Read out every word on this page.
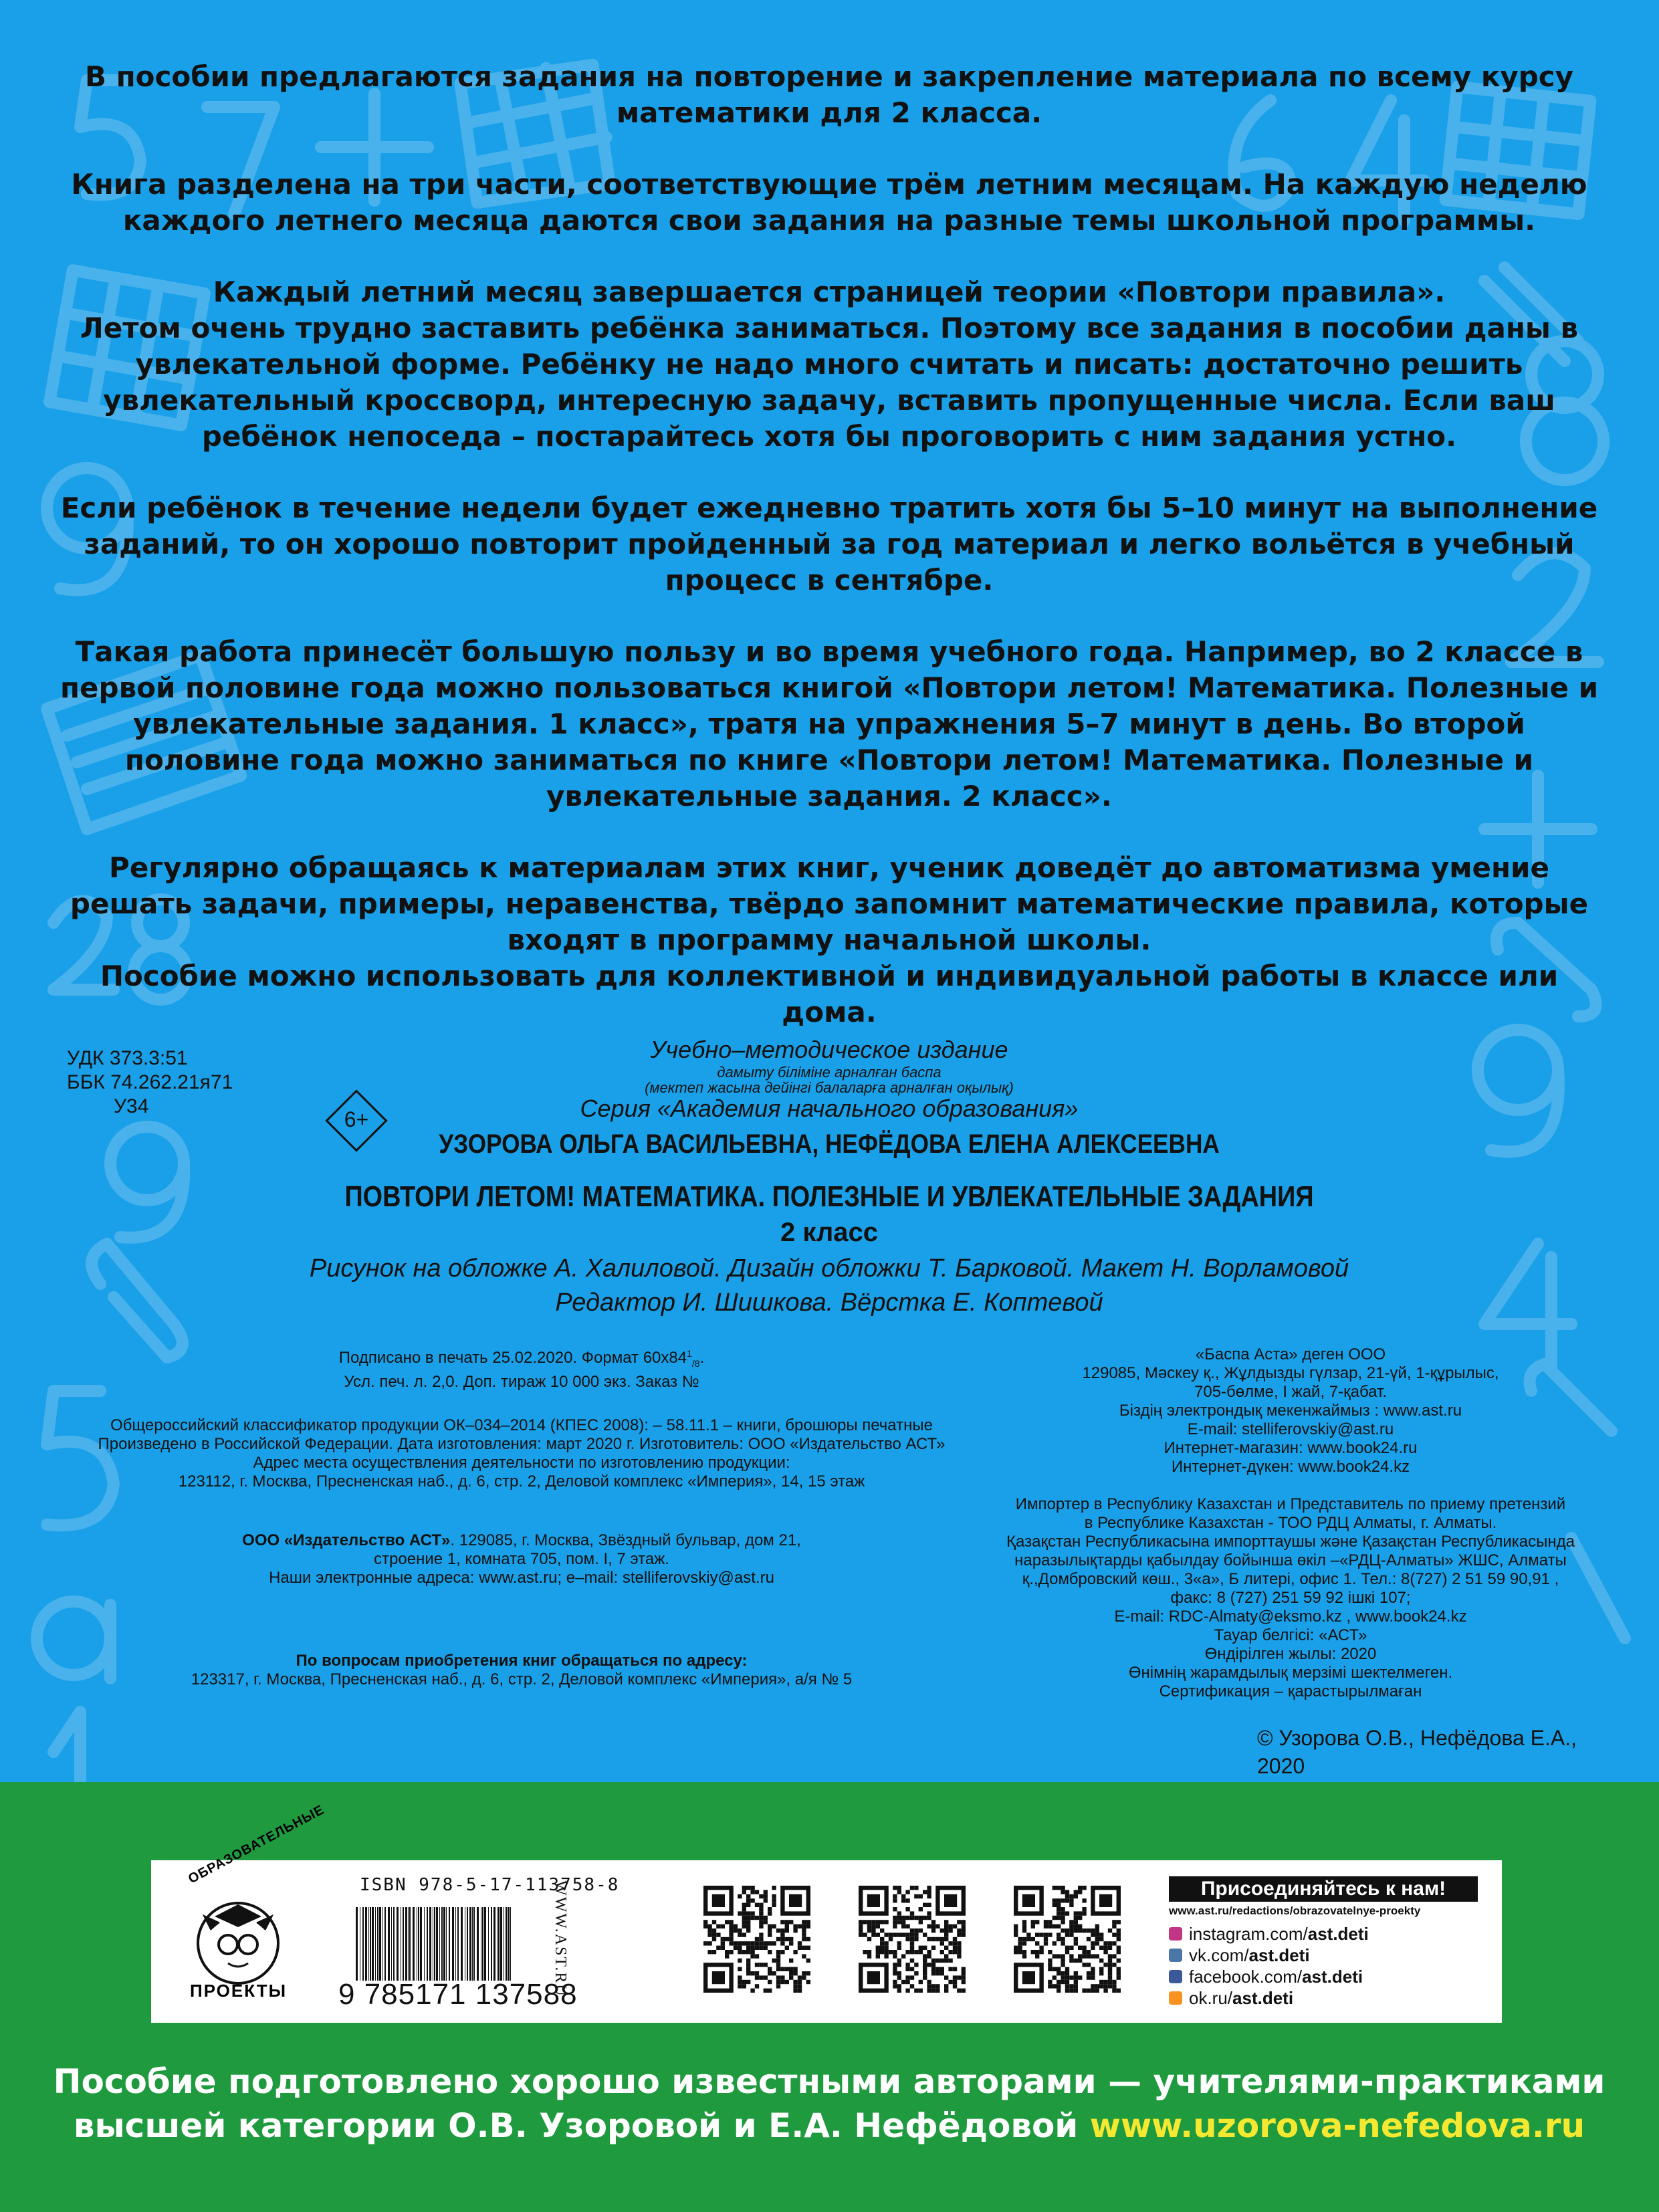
В пособии предлагаются задания на повторение и закрепление материала по всему курсу математики для 2 класса.

Книга разделена на три части, соответствующие трём летним месяцам. На каждую неделю каждого летнего месяца даются свои задания на разные темы школьной программы.

Каждый летний месяц завершается страницей теории «Повтори правила».

Летом очень трудно заставить ребёнка заниматься. Поэтому все задания в пособии даны в увлекательной форме. Ребёнку не надо много считать и писать: достаточно решить увлекательный кроссворд, интересную задачу, вставить пропущенные числа. Если ваш ребёнок непоседа – постарайтесь хотя бы проговорить с ним задания устно.

Если ребёнок в течение недели будет ежедневно тратить хотя бы 5–10 минут на выполнение заданий, то он хорошо повторит пройденный за год материал и легко вольётся в учебный процесс в сентябре.

Такая работа принесёт большую пользу и во время учебного года. Например, во 2 классе в первой половине года можно пользоваться книгой «Повтори летом! Математика. Полезные и увлекательные задания. 1 класс», тратя на упражнения 5–7 минут в день. Во второй половине года можно заниматься по книге «Повтори летом! Математика. Полезные и увлекательные задания. 2 класс».

Регулярно обращаясь к материалам этих книг, ученик доведёт до автоматизма умение решать задачи, примеры, неравенства, твёрдо запомнит математические правила, которые входят в программу начальной школы.

Пособие можно использовать для коллективной и индивидуальной работы в классе или дома.

УДК 373.3:51
ББК 74.262.21я71
У34
6+
Учебно–методическое издание
дамыту біліміне арналған баспа
(мектеп жасына дейінгі балаларға арналған оқылық)
Серия «Академия начального образования»
УЗОРОВА ОЛЬГА ВАСИЛЬЕВНА, НЕФЁДОВА ЕЛЕНА АЛЕКСЕЕВНА
ПОВТОРИ ЛЕТОМ! МАТЕМАТИКА. ПОЛЕЗНЫЕ И УВЛЕКАТЕЛЬНЫЕ ЗАДАНИЯ
2 класс
Рисунок на обложке А. Халиловой. Дизайн обложки Т. Барковой. Макет Н. Ворламовой
Редактор И. Шишкова. Вёрстка Е. Коптевой
Подписано в печать 25.02.2020. Формат $60х84^1_{/8}$.
Усл. печ. л. 2,0. Доп. тираж 10 000 экз. Заказ №
Общероссийский классификатор продукции ОК–034–2014 (КПЕС 2008): – 58.11.1 – книги, брошюры печатные
Произведено в Российской Федерации. Дата изготовления: март 2020 г. Изготовитель: ООО «Издательство АСТ»
Адрес места осуществления деятельности по изготовлению продукции:
123112, г. Москва, Пресненская наб., д. 6, стр. 2, Деловой комплекс «Империя», 14, 15 этаж
ООО «Издательство АСТ». 129085, г. Москва, Звёздный бульвар, дом 21,
строение 1, комната 705, пом. I, 7 этаж.
Наши электронные адреса: www.ast.ru; e–mail: stelliferovskiy@ast.ru
По вопросам приобретения книг обращаться по адресу:
123317, г. Москва, Пресненская наб., д. 6, стр. 2, Деловой комплекс «Империя», а/я № 5
«Баспа Аста» деген ООО
129085, Мәскеу қ., Жұлдызды гүлзар, 21-үй, 1-құрылыс,
705-бөлме, I жай, 7-қабат.
Біздің электрондық мекенжаймыз : www.ast.ru
E-mail: stelliferovskiy@ast.ru
Интернет-магазин: www.book24.ru
Интернет-дүкен: www.book24.kz
Импортер в Республику Казахстан и Представитель по приему претензий
в Республике Казахстан - ТОО РДЦ Алматы, г. Алматы.
Қазақстан Республикасына импорттаушы және Қазақстан Республикасында
наразылықтарды қабылдау бойынша өкіл –«РДЦ-Алматы» ЖШС, Алматы
қ.,Домбровский көш., 3«а», Б литері, офис 1. Тел.: 8(727) 2 51 59 90,91 ,
факс: 8 (727) 251 59 92 ішкі 107;
E-mail: RDC-Almaty@eksmo.kz , www.book24.kz
Тауар белгісі: «АСТ»
Өндірілген жылы: 2020
Өнімнің жарамдылық мерзімі шектелмеген.
Сертификация – қарастырылмаған
© Узорова О.В., Нефёдова Е.А., 2020
ОБРАЗОВАТЕЛЬНЫЕ
ПРОЕКТЫ
ISBN 978-5-17-113758-8
9 785171 137588
WWW.AST.RU	Присоединяйтесь к нам!
www.ast.ru/redactions/obrazovatelnye-proekty
instagram.com/ ast.deti
vk.com/ ast.deti
facebook.com/ ast.deti
ok.ru/ ast.deti
Пособие подготовлено хорошо известными авторами — учителями-практиками
высшей категории О.В. Узоровой и Е.А. Нефёдовой www.uzorova-nefedova.ru
